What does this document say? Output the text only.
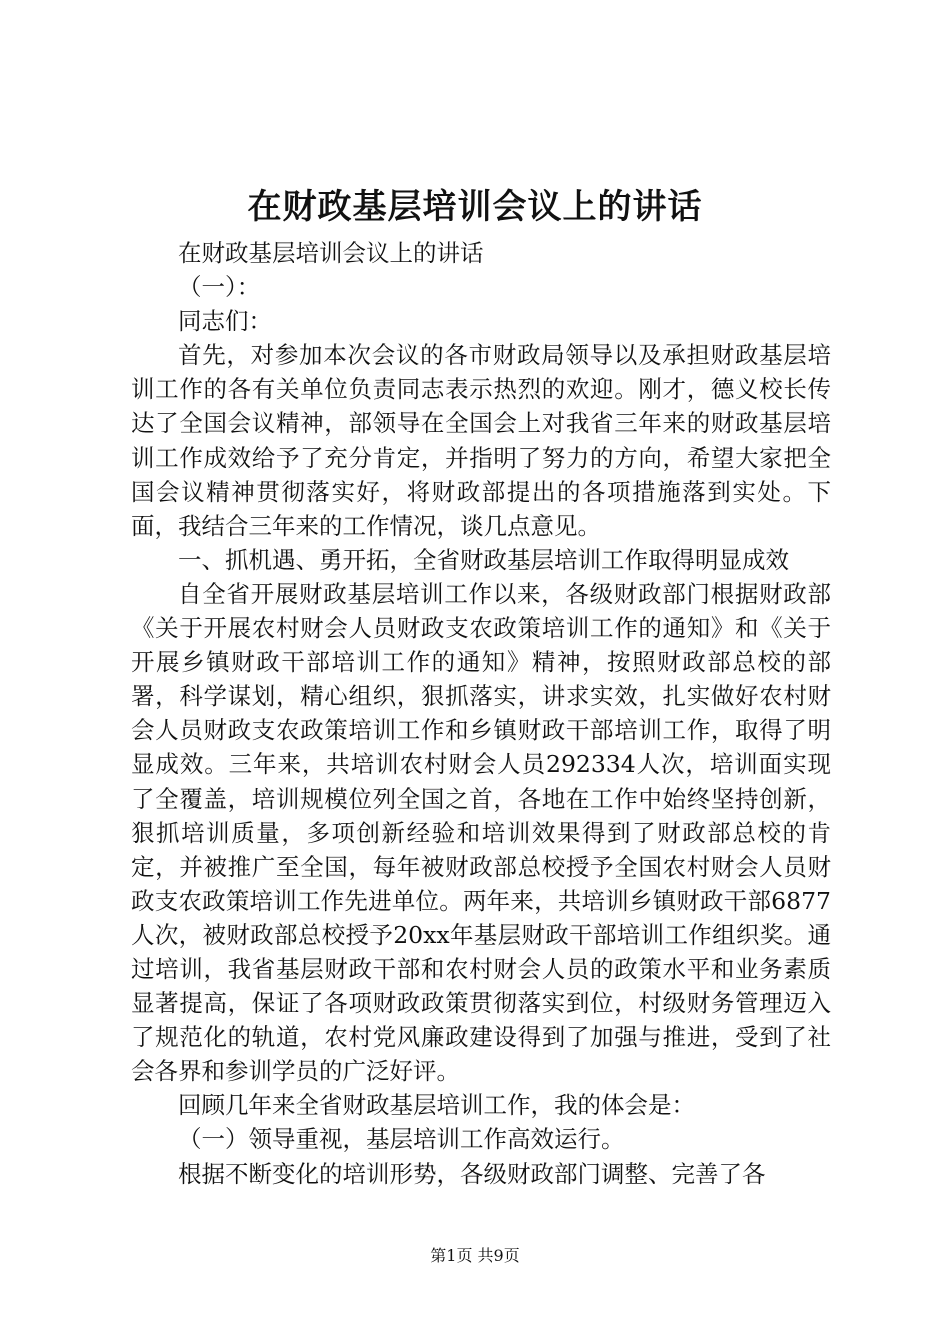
在财政基层培训会议上的讲话

在财政基层培训会议上的讲话

（一）：

同志们：

首先，对参加本次会议的各市财政局领导以及承担财政基层培训工作的各有关单位负责同志表示热烈的欢迎。刚才，德义校长传达了全国会议精神，部领导在全国会上对我省三年来的财政基层培训工作成效给予了充分肯定，并指明了努力的方向，希望大家把全国会议精神贯彻落实好，将财政部提出的各项措施落到实处。下面，我结合三年来的工作情况，谈几点意见。

一、抓机遇、勇开拓，全省财政基层培训工作取得明显成效

自全省开展财政基层培训工作以来，各级财政部门根据财政部《关于开展农村财会人员财政支农政策培训工作的通知》和《关于开展乡镇财政干部培训工作的通知》精神，按照财政部总校的部署，科学谋划，精心组织，狠抓落实，讲求实效，扎实做好农村财会人员财政支农政策培训工作和乡镇财政干部培训工作，取得了明显成效。三年来，共培训农村财会人员292334人次，培训面实现了全覆盖，培训规模位列全国之首，各地在工作中始终坚持创新，狠抓培训质量，多项创新经验和培训效果得到了财政部总校的肯定，并被推广至全国，每年被财政部总校授予全国农村财会人员财政支农政策培训工作先进单位。两年来，共培训乡镇财政干部6877人次，被财政部总校授予20xx年基层财政干部培训工作组织奖。通过培训，我省基层财政干部和农村财会人员的政策水平和业务素质显著提高，保证了各项财政政策贯彻落实到位，村级财务管理迈入了规范化的轨道，农村党风廉政建设得到了加强与推进，受到了社会各界和参训学员的广泛好评。

回顾几年来全省财政基层培训工作，我的体会是：

（一）领导重视，基层培训工作高效运行。

根据不断变化的培训形势，各级财政部门调整、完善了各

第1页 共9页
